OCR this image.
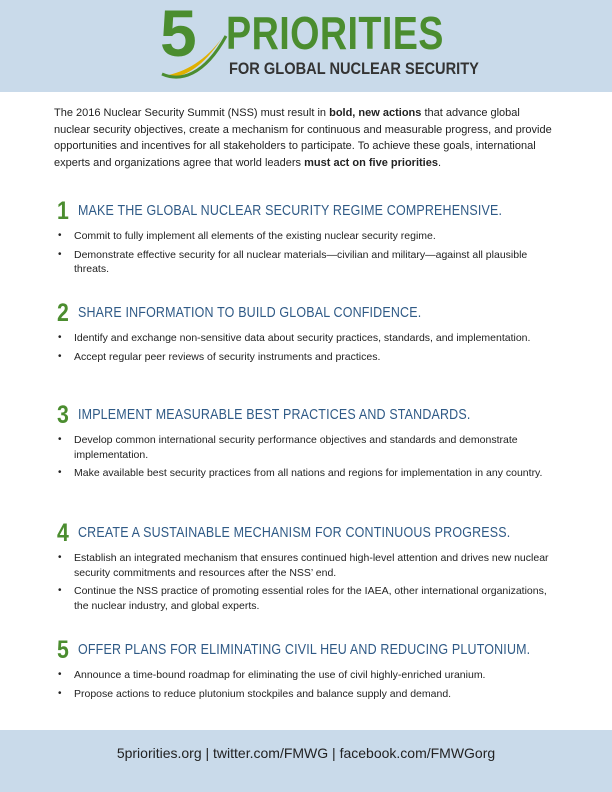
5 PRIORITIES
FOR GLOBAL NUCLEAR SECURITY

The 2016 Nuclear Security Summit (NSS) must result in bold, new actions that advance global nuclear security objectives, create a mechanism for continuous and measurable progress, and provide opportunities and incentives for all stakeholders to participate. To achieve these goals, international experts and organizations agree that world leaders must act on five priorities.

1 MAKE THE GLOBAL NUCLEAR SECURITY REGIME COMPREHENSIVE.
• Commit to fully implement all elements of the existing nuclear security regime.
• Demonstrate effective security for all nuclear materials—civilian and military—against all plausible threats.
2 SHARE INFORMATION TO BUILD GLOBAL CONFIDENCE.
• Identify and exchange non-sensitive data about security practices, standards, and implementation.
• Accept regular peer reviews of security instruments and practices.
3 IMPLEMENT MEASURABLE BEST PRACTICES AND STANDARDS.
• Develop common international security performance objectives and standards and demonstrate implementation.
• Make available best security practices from all nations and regions for implementation in any country.
4 CREATE A SUSTAINABLE MECHANISM FOR CONTINUOUS PROGRESS.
• Establish an integrated mechanism that ensures continued high-level attention and drives new nuclear security commitments and resources after the NSS’ end.
• Continue the NSS practice of promoting essential roles for the IAEA, other international organizations, the nuclear industry, and global experts.
5 OFFER PLANS FOR ELIMINATING CIVIL HEU AND REDUCING PLUTONIUM.
• Announce a time-bound roadmap for eliminating the use of civil highly-enriched uranium.
• Propose actions to reduce plutonium stockpiles and balance supply and demand.
5priorities.org | twitter.com/FMWG | facebook.com/FMWGorg
